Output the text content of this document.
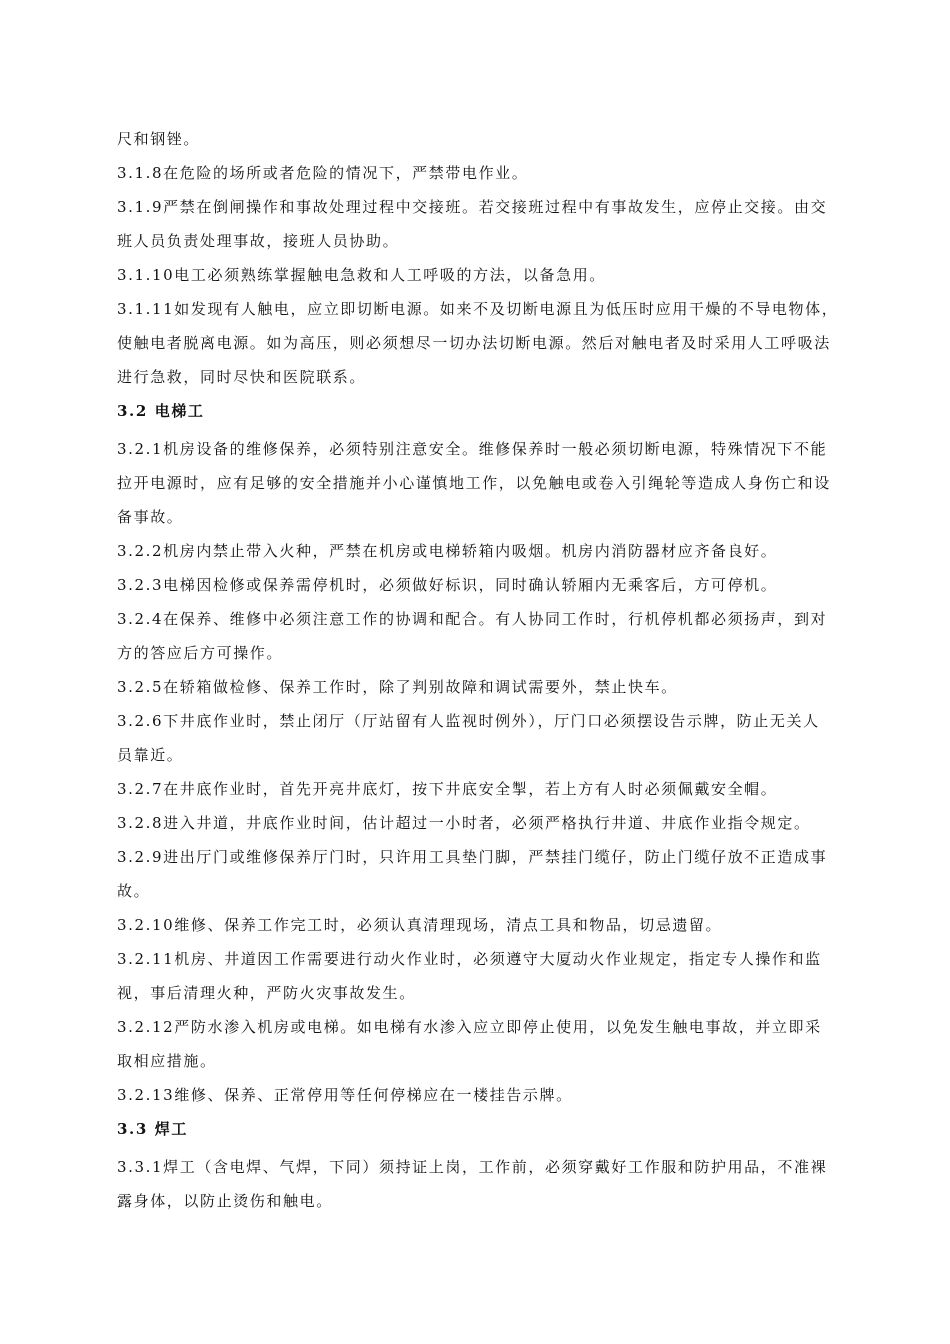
尺和钢锉。
3.1.8在危险的场所或者危险的情况下，严禁带电作业。
3.1.9严禁在倒闸操作和事故处理过程中交接班。若交接班过程中有事故发生，应停止交接。由交
班人员负责处理事故，接班人员协助。
3.1.10电工必须熟练掌握触电急救和人工呼吸的方法，以备急用。
3.1.11如发现有人触电，应立即切断电源。如来不及切断电源且为低压时应用干燥的不导电物体，
使触电者脱离电源。如为高压，则必须想尽一切办法切断电源。然后对触电者及时采用人工呼吸法
进行急救，同时尽快和医院联系。
3.2 电梯工
3.2.1机房设备的维修保养，必须特别注意安全。维修保养时一般必须切断电源，特殊情况下不能
拉开电源时，应有足够的安全措施并小心谨慎地工作，以免触电或卷入引绳轮等造成人身伤亡和设
备事故。
3.2.2机房内禁止带入火种，严禁在机房或电梯轿箱内吸烟。机房内消防器材应齐备良好。
3.2.3电梯因检修或保养需停机时，必须做好标识，同时确认轿厢内无乘客后，方可停机。
3.2.4在保养、维修中必须注意工作的协调和配合。有人协同工作时，行机停机都必须扬声，到对
方的答应后方可操作。
3.2.5在轿箱做检修、保养工作时，除了判别故障和调试需要外，禁止快车。
3.2.6下井底作业时，禁止闭厅（厅站留有人监视时例外），厅门口必须摆设告示牌，防止无关人
员靠近。
3.2.7在井底作业时，首先开亮井底灯，按下井底安全掣，若上方有人时必须佩戴安全帽。
3.2.8进入井道，井底作业时间，估计超过一小时者，必须严格执行井道、井底作业指令规定。
3.2.9进出厅门或维修保养厅门时，只许用工具垫门脚，严禁挂门缆仔，防止门缆仔放不正造成事
故。
3.2.10维修、保养工作完工时，必须认真清理现场，清点工具和物品，切忌遗留。
3.2.11机房、井道因工作需要进行动火作业时，必须遵守大厦动火作业规定，指定专人操作和监
视，事后清理火种，严防火灾事故发生。
3.2.12严防水渗入机房或电梯。如电梯有水渗入应立即停止使用，以免发生触电事故，并立即采
取相应措施。
3.2.13维修、保养、正常停用等任何停梯应在一楼挂告示牌。
3.3 焊工
3.3.1焊工（含电焊、气焊，下同）须持证上岗，工作前，必须穿戴好工作服和防护用品，不准裸
露身体，以防止烫伤和触电。
